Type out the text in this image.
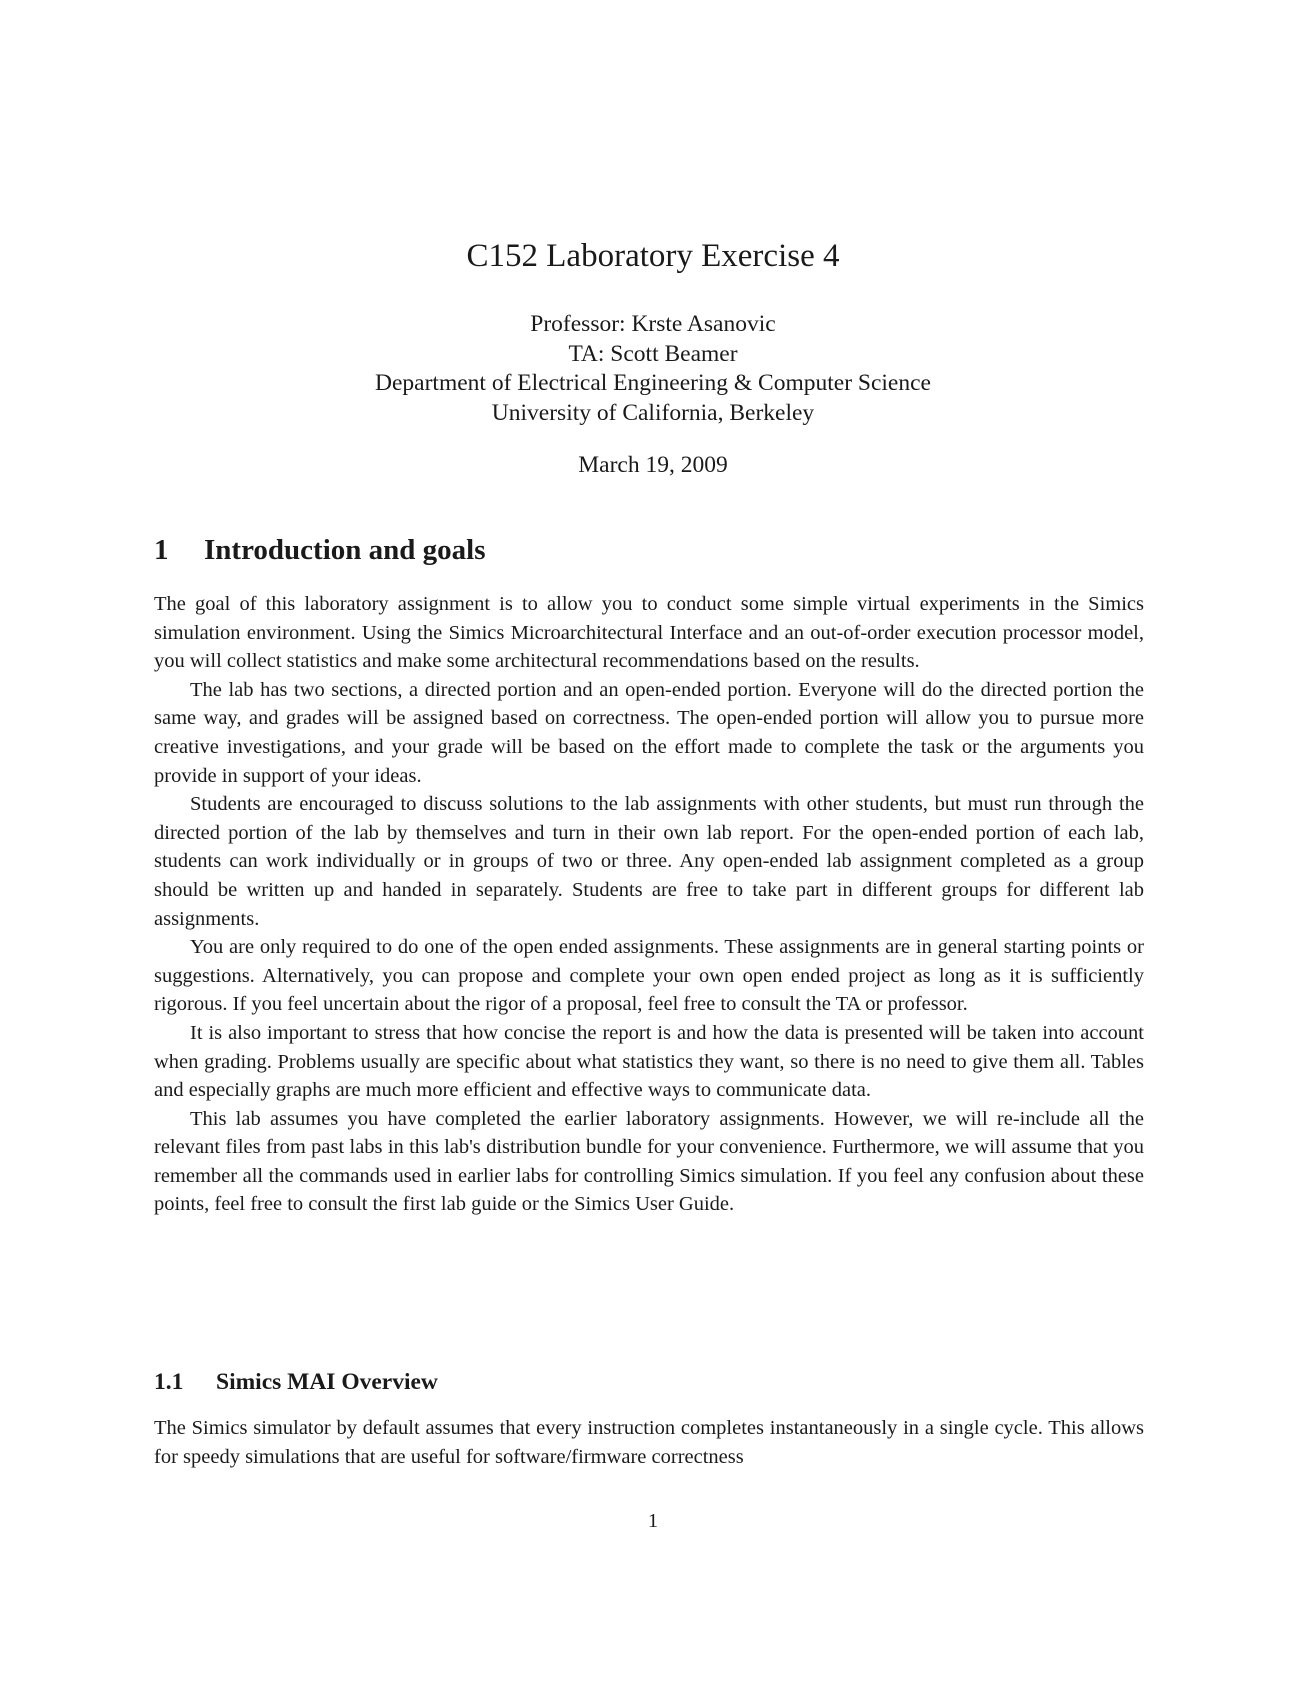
C152 Laboratory Exercise 4
Professor: Krste Asanovic
TA: Scott Beamer
Department of Electrical Engineering & Computer Science
University of California, Berkeley
March 19, 2009
1 Introduction and goals

The goal of this laboratory assignment is to allow you to conduct some simple virtual experiments in the Simics simulation environment. Using the Simics Microarchitectural Interface and an out-of-order execution processor model, you will collect statistics and make some architectural recommendations based on the results.

The lab has two sections, a directed portion and an open-ended portion. Everyone will do the directed portion the same way, and grades will be assigned based on correctness. The open-ended portion will allow you to pursue more creative investigations, and your grade will be based on the effort made to complete the task or the arguments you provide in support of your ideas.

Students are encouraged to discuss solutions to the lab assignments with other students, but must run through the directed portion of the lab by themselves and turn in their own lab report. For the open-ended portion of each lab, students can work individually or in groups of two or three. Any open-ended lab assignment completed as a group should be written up and handed in separately. Students are free to take part in different groups for different lab assignments.

You are only required to do one of the open ended assignments. These assignments are in general starting points or suggestions. Alternatively, you can propose and complete your own open ended project as long as it is sufficiently rigorous. If you feel uncertain about the rigor of a proposal, feel free to consult the TA or professor.

It is also important to stress that how concise the report is and how the data is presented will be taken into account when grading. Problems usually are specific about what statistics they want, so there is no need to give them all. Tables and especially graphs are much more efficient and effective ways to communicate data.

This lab assumes you have completed the earlier laboratory assignments. However, we will re-include all the relevant files from past labs in this lab's distribution bundle for your convenience. Furthermore, we will assume that you remember all the commands used in earlier labs for controlling Simics simulation. If you feel any confusion about these points, feel free to consult the first lab guide or the Simics User Guide.

1.1 Simics MAI Overview

The Simics simulator by default assumes that every instruction completes instantaneously in a single cycle. This allows for speedy simulations that are useful for software/firmware correctness

1
